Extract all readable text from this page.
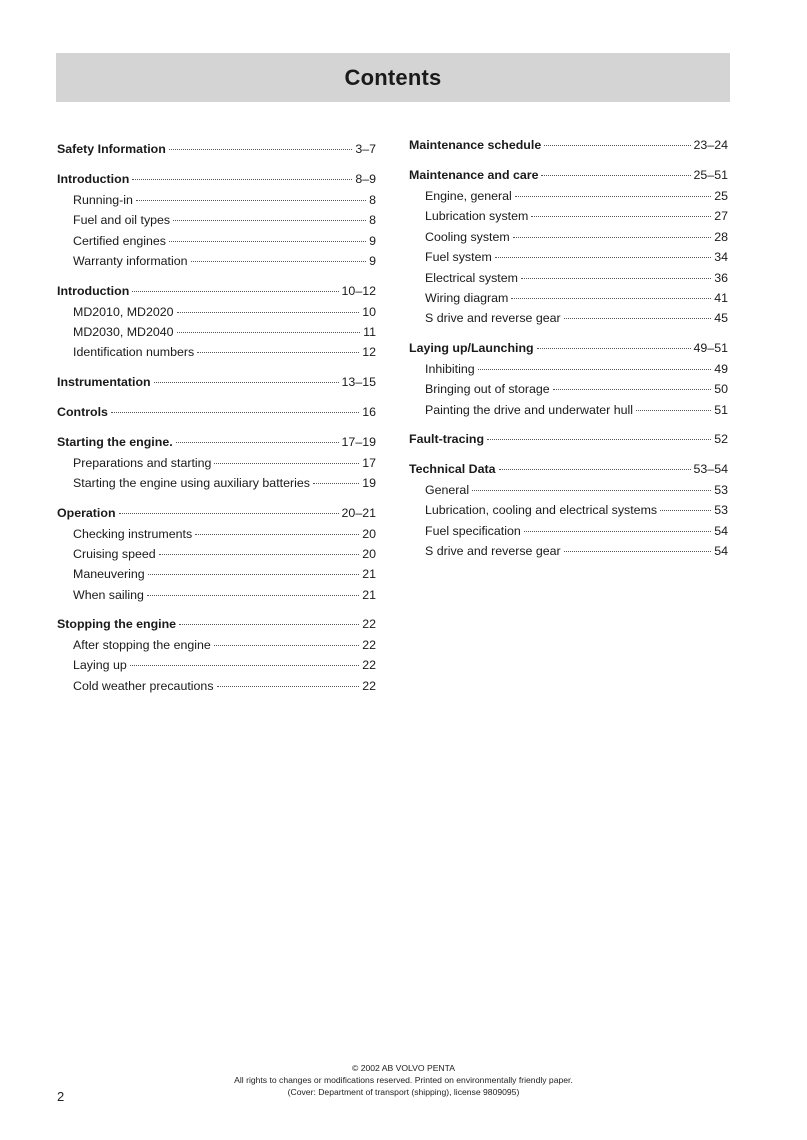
Contents
Safety Information	3–7
Introduction	8–9
Running-in	8
Fuel and oil types	8
Certified engines	9
Warranty information	9
Introduction	10–12
MD2010, MD2020	10
MD2030, MD2040	11
Identification numbers	12
Instrumentation	13–15
Controls	16
Starting the engine.	17–19
Preparations and starting	17
Starting the engine using auxiliary batteries	19
Operation	20–21
Checking instruments	20
Cruising speed	20
Maneuvering	21
When sailing	21
Stopping the engine	22
After stopping the engine	22
Laying up	22
Cold weather precautions	22
Maintenance schedule	23–24
Maintenance and care	25–51
Engine, general	25
Lubrication system	27
Cooling system	28
Fuel system	34
Electrical system	36
Wiring diagram	41
S drive and reverse gear	45
Laying up/Launching	49–51
Inhibiting	49
Bringing out of storage	50
Painting the drive and underwater hull	51
Fault-tracing	52
Technical Data	53–54
General	53
Lubrication, cooling and electrical systems	53
Fuel specification	54
S drive and reverse gear	54
© 2002 AB VOLVO PENTA
All rights to changes or modifications reserved. Printed on environmentally friendly paper.
(Cover: Department of transport (shipping), license 9809095)
2
